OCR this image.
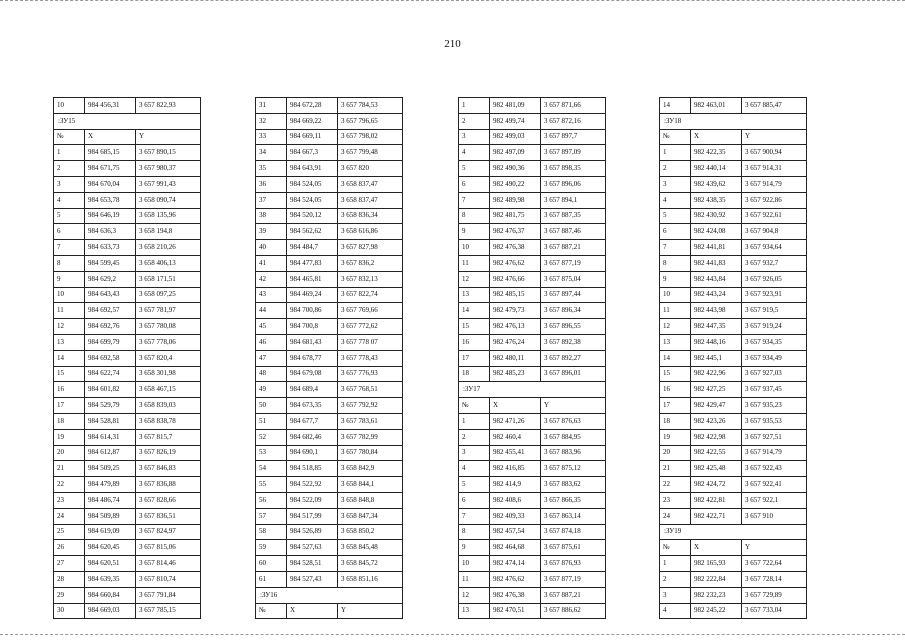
210
10	984 456,31	3 657 822,93
:ЗУ15		
№	X	Y
1	984 685,15	3 657 890,15
2	984 671,75	3 657 980,37
3	984 670,04	3 657 991,43
4	984 653,78	3 658 090,74
5	984 646,19	3 658 135,96
6	984 636,3	3 658 194,8
7	984 633,73	3 658 210,26
8	984 599,45	3 658 406,13
9	984 629,2	3 658 171,51
10	984 643,43	3 658 097,25
11	984 692,57	3 657 781,97
12	984 692,76	3 657 780,08
13	984 699,79	3 657 778,06
14	984 692,58	3 657 820,4
15	984 622,74	3 658 301,98
16	984 601,82	3 658 467,15
17	984 529,79	3 658 839,03
18	984 528,81	3 658 838,78
19	984 614,31	3 657 815,7
20	984 612,87	3 657 826,19
21	984 509,25	3 657 846,83
22	984 479,89	3 657 836,88
23	984 486,74	3 657 828,66
24	984 509,89	3 657 836,51
25	984 619,09	3 657 824,97
26	984 620,45	3 657 815,06
27	984 620,51	3 657 814,46
28	984 639,35	3 657 810,74
29	984 660,84	3 657 791,84
30	984 669,03	3 657 785,15
31	984 672,28	3 657 784,53
32	984 669,22	3 657 796,65
33	984 669,11	3 657 798,02
34	984 667,3	3 657 799,48
35	984 643,91	3 657 820
36	984 524,05	3 658 837,47
37	984 524,05	3 658 837,47
38	984 520,12	3 658 836,34
39	984 562,62	3 658 616,86
40	984 484,7	3 657 827,98
41	984 477,83	3 657 836,2
42	984 465,81	3 657 832,13
43	984 469,24	3 657 822,74
44	984 700,86	3 657 769,66
45	984 700,8	3 657 772,62
46	984 681,43	3 657 778 07
47	984 678,77	3 657 778,43
48	984 679,08	3 657 776,93
49	984 689,4	3 657 768,51
50	984 673,35	3 657 792,92
51	984 677,7	3 657 783,61
52	984 682,46	3 657 782,99
53	984 690,1	3 657 780,84
54	984 518,85	3 658 842,9
55	984 522,92	3 658 844,1
56	984 522,09	3 658 848,8
57	984 517,99	3 658 847,34
58	984 526,89	3 658 850,2
59	984 527,63	3 658 845,48
60	984 528,51	3 658 845,72
61	984 527,43	3 658 851,16
:ЗУ16		
№	X	Y
1	982 481,09	3 657 871,66
2	982 499,74	3 657 872,16
3	982 499,03	3 657 897,7
4	982 497,09	3 657 897,09
5	982 490,36	3 657 898,35
6	982 490,22	3 657 896,06
7	982 489,98	3 657 894,1
8	982 481,75	3 657 887,35
9	982 476,37	3 657 887,46
10	982 476,38	3 657 887,21
11	982 476,62	3 657 877,19
12	982 476,66	3 657 875,04
13	982 485,15	3 657 897,44
14	982 479,73	3 657 896,34
15	982 476,13	3 657 896,55
16	982 476,24	3 657 892,38
17	982 480,11	3 657 892,27
18	982 485,23	3 657 896,01
:ЗУ17		
№	X	Y
1	982 471,26	3 657 876,63
2	982 460,4	3 657 884,95
3	982 455,41	3 657 883,96
4	982 416,85	3 657 875,12
5	982 414,9	3 657 883,62
6	982 408,6	3 657 866,35
7	982 409,33	3 657 863,14
8	982 457,54	3 657 874,18
9	982 464,68	3 657 875,61
10	982 474,14	3 657 876,93
11	982 476,62	3 657 877,19
12	982 476,38	3 657 887,21
13	982 470,51	3 657 886,62
14	982 463,01	3 657 885,47
:ЗУ18		
№	X	Y
1	982 422,35	3 657 900,94
2	982 440,14	3 657 914,31
3	982 439,62	3 657 914,79
4	982 438,35	3 657 922,86
5	982 430,92	3 657 922,61
6	982 424,08	3 657 904,8
7	982 441,81	3 657 934,64
8	982 441,83	3 657 932,7
9	982 443,84	3 657 926,05
10	982 443,24	3 657 923,91
11	982 443,98	3 657 919,5
12	982 447,35	3 657 919,24
13	982 448,16	3 657 934,35
14	982 445,1	3 657 934,49
15	982 422,96	3 657 927,03
16	982 427,25	3 657 937,45
17	982 429,47	3 657 935,23
18	982 423,26	3 657 935,53
19	982 422,98	3 657 927,51
20	982 422,55	3 657 914,79
21	982 425,48	3 657 922,43
22	982 424,72	3 657 922,41
23	982 422,81	3 657 922,1
24	982 422,71	3 657 910
:ЗУ19		
№	X	Y
1	982 165,93	3 657 722,64
2	982 222,84	3 657 728,14
3	982 232,23	3 657 729,89
4	982 245,22	3 657 733,04
